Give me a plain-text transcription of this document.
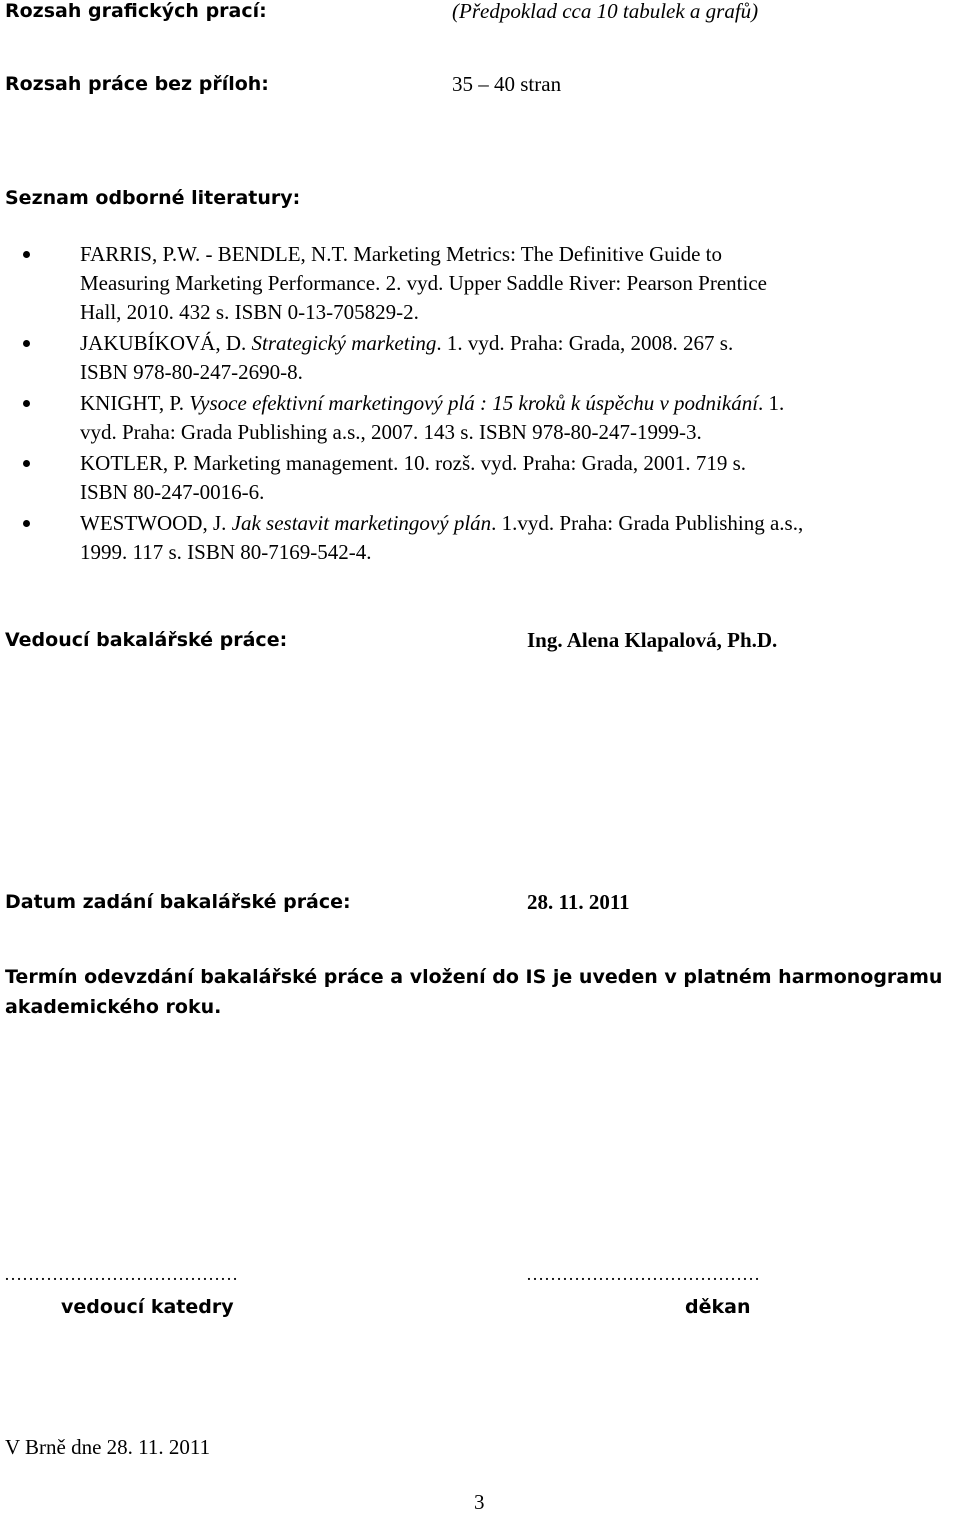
Rozsah grafických prací:	(Předpoklad cca 10 tabulek a grafů)
Rozsah práce bez příloh:	35 – 40 stran
Seznam odborné literatury:
FARRIS, P.W. - BENDLE, N.T. Marketing Metrics: The Definitive Guide to
Measuring Marketing Performance. 2. vyd. Upper Saddle River: Pearson Prentice
Hall, 2010. 432 s. ISBN 0-13-705829-2.
JAKUBÍKOVÁ, D. Strategický marketing. 1. vyd. Praha: Grada, 2008. 267 s.
ISBN 978-80-247-2690-8.
KNIGHT, P. Vysoce efektivní marketingový plá : 15 kroků k úspěchu v podnikání. 1.
vyd. Praha: Grada Publishing a.s., 2007. 143 s. ISBN 978-80-247-1999-3.
KOTLER, P. Marketing management. 10. rozš. vyd. Praha: Grada, 2001. 719 s.
ISBN 80-247-0016-6.
WESTWOOD, J. Jak sestavit marketingový plán. 1.vyd. Praha: Grada Publishing a.s.,
1999. 117 s. ISBN 80-7169-542-4.
Vedoucí bakalářské práce:	Ing. Alena Klapalová, Ph.D.
Datum zadání bakalářské práce:	28. 11. 2011
Termín odevzdání bakalářské práce a vložení do IS je uveden v platném harmonogramu
akademického roku.
…………………………………	…………………………………
vedoucí katedry	děkan
V Brně dne 28. 11. 2011
3
